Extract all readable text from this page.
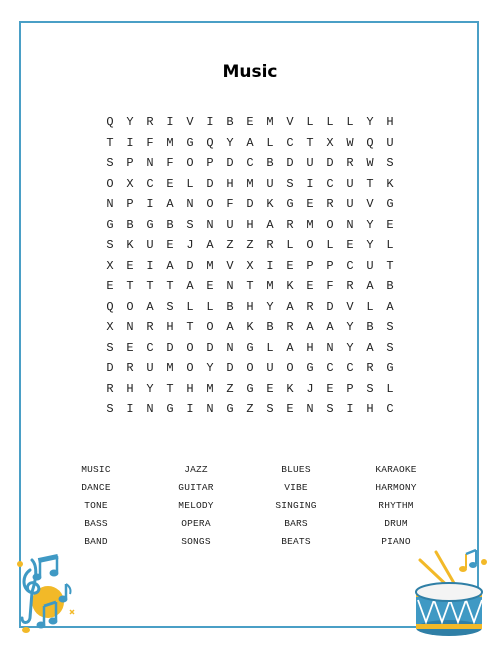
Music
Q	Y	R	I	V	I	B	E	M	V	L	L	L	Y	H
T	I	F	M	G	Q	Y	A	L	C	T	X	W	Q	U
S	P	N	F	O	P	D	C	B	D	U	D	R	W	S
O	X	C	E	L	D	H	M	U	S	I	C	U	T	K
N	P	I	A	N	O	F	D	K	G	E	R	U	V	G
G	B	G	B	S	N	U	H	A	R	M	O	N	Y	E
S	K	U	E	J	A	Z	Z	R	L	O	L	E	Y	L
X	E	I	A	D	M	V	X	I	E	P	P	C	U	T
E	T	T	T	A	E	N	T	M	K	E	F	R	A	B
Q	O	A	S	L	L	B	H	Y	A	R	D	V	L	A
X	N	R	H	T	O	A	K	B	R	A	A	Y	B	S
S	E	C	D	O	D	N	G	L	A	H	N	Y	A	S
D	R	U	M	O	Y	D	O	U	O	G	C	C	R	G
R	H	Y	T	H	M	Z	G	E	K	J	E	P	S	L
S	I	N	G	I	N	G	Z	S	E	N	S	I	H	C
MUSIC	JAZZ	BLUES	KARAOKE
DANCE	GUITAR	VIBE	HARMONY
TONE	MELODY	SINGING	RHYTHM
BASS	OPERA	BARS	DRUM
BAND	SONGS	BEATS	PIANO
